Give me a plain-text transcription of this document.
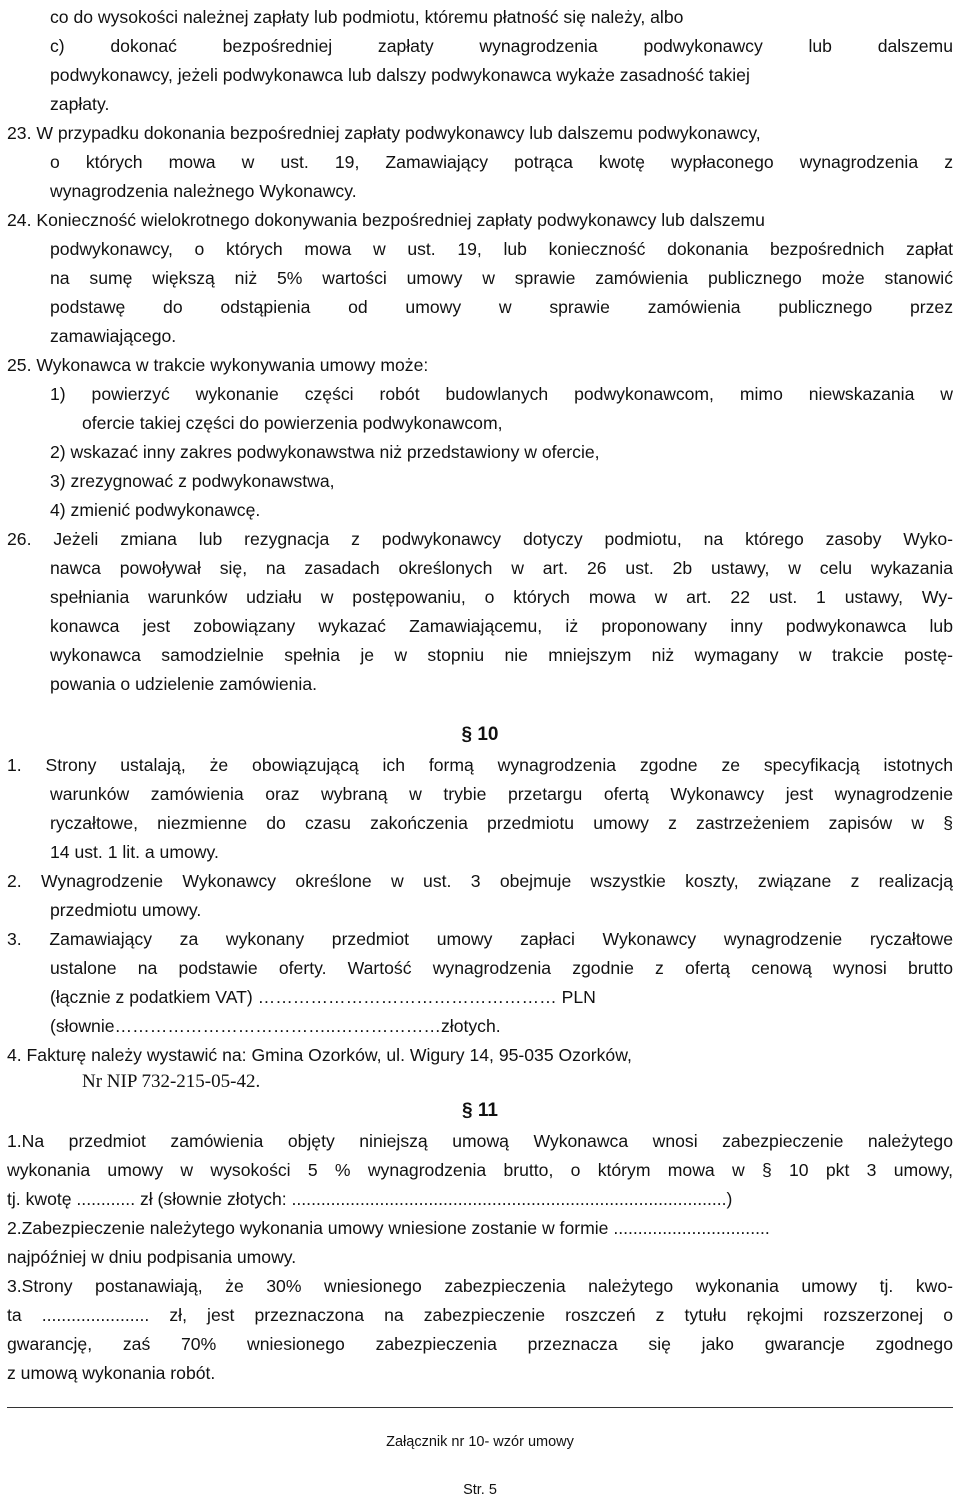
co do wysokości należnej zapłaty lub podmiotu, któremu płatność się należy, albo
c) dokonać bezpośredniej zapłaty wynagrodzenia podwykonawcy lub dalszemu
podwykonawcy, jeżeli podwykonawca lub dalszy podwykonawca wykaże zasadność takiej
zapłaty.
23. W przypadku dokonania bezpośredniej zapłaty podwykonawcy lub dalszemu podwykonawcy,
o których mowa w ust. 19, Zamawiający potrąca kwotę wypłaconego wynagrodzenia z
wynagrodzenia należnego Wykonawcy.
24. Konieczność wielokrotnego dokonywania bezpośredniej zapłaty podwykonawcy lub dalszemu
podwykonawcy, o których mowa w ust. 19, lub konieczność dokonania bezpośrednich zapłat
na sumę większą niż 5% wartości umowy w sprawie zamówienia publicznego może stanowić
podstawę do odstąpienia od umowy w sprawie zamówienia publicznego przez
zamawiającego.
25. Wykonawca w trakcie wykonywania umowy może:
1) powierzyć wykonanie części robót budowlanych podwykonawcom, mimo niewskazania w
ofercie takiej części do powierzenia podwykonawcom,
2) wskazać inny zakres podwykonawstwa niż przedstawiony w ofercie,
3) zrezygnować z podwykonawstwa,
4) zmienić podwykonawcę.
26. Jeżeli zmiana lub rezygnacja z podwykonawcy dotyczy podmiotu, na którego zasoby Wyko-
nawca powoływał się, na zasadach określonych w art. 26 ust. 2b ustawy, w celu wykazania
spełniania warunków udziału w postępowaniu, o których mowa w art. 22 ust. 1 ustawy, Wy-
konawca jest zobowiązany wykazać Zamawiającemu, iż proponowany inny podwykonawca lub
wykonawca samodzielnie spełnia je w stopniu nie mniejszym niż wymagany w trakcie postę-
powania o udzielenie zamówienia.
§ 10
1. Strony ustalają, że obowiązującą ich formą wynagrodzenia zgodne ze specyfikacją istotnych
warunków zamówienia oraz wybraną w trybie przetargu ofertą Wykonawcy jest wynagrodzenie
ryczałtowe, niezmienne do czasu zakończenia przedmiotu umowy z zastrzeżeniem zapisów w §
14 ust. 1 lit. a umowy.
2. Wynagrodzenie Wykonawcy określone w ust. 3 obejmuje wszystkie koszty, związane z realizacją
przedmiotu umowy.
3. Zamawiający za wykonany przedmiot umowy zapłaci Wykonawcy wynagrodzenie ryczałtowe
ustalone na podstawie oferty. Wartość wynagrodzenia zgodnie z ofertą cenową wynosi brutto
(łącznie z podatkiem VAT) …………………………………………… PLN
(słownie………………………………..………………złotych.
4. Fakturę należy wystawić na: Gmina Ozorków, ul. Wigury 14, 95-035 Ozorków,
Nr NIP 732-215-05-42.
§ 11
1.Na przedmiot zamówienia objęty niniejszą umową Wykonawca wnosi zabezpieczenie należytego
wykonania umowy w wysokości 5 % wynagrodzenia brutto, o którym mowa w § 10 pkt 3 umowy,
tj. kwotę ............ zł (słownie złotych: .........................................................................................)
2.Zabezpieczenie należytego wykonania umowy wniesione zostanie w formie ................................
najpóźniej w dniu podpisania umowy.
3.Strony postanawiają, że 30% wniesionego zabezpieczenia należytego wykonania umowy tj. kwo-
ta ...................... zł, jest przeznaczona na zabezpieczenie roszczeń z tytułu rękojmi rozszerzonej o
gwarancję, zaś 70% wniesionego zabezpieczenia przeznacza się jako gwarancje zgodnego
z umową wykonania robót.
Załącznik nr 10- wzór umowy
Str. 5
